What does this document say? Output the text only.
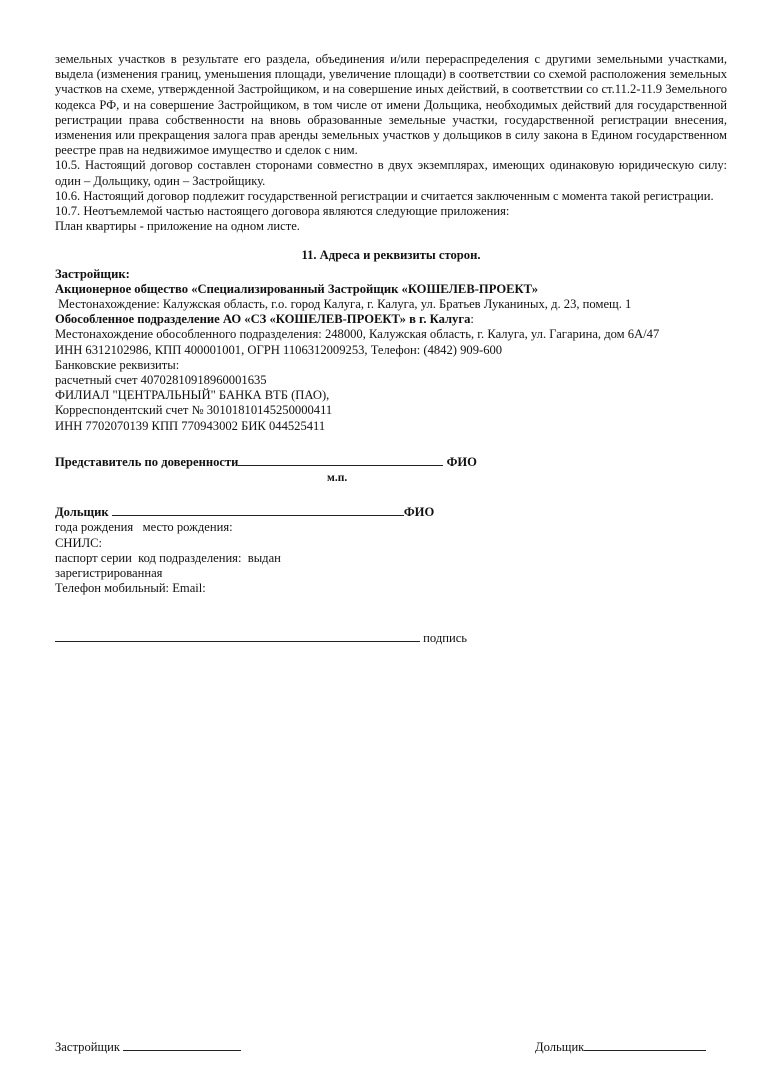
земельных участков в результате его раздела, объединения и/или перераспределения с другими земельными участками, выдела (изменения границ, уменьшения площади, увеличение площади) в соответствии со схемой расположения земельных участков на схеме, утвержденной Застройщиком, и на совершение иных действий, в соответствии со ст.11.2-11.9 Земельного кодекса РФ, и на совершение Застройщиком, в том числе от имени Дольщика, необходимых действий для государственной регистрации права собственности на вновь образованные земельные участки, государственной регистрации внесения, изменения или прекращения залога прав аренды земельных участков у дольщиков в силу закона в Едином государственном реестре прав на недвижимое имущество и сделок с ним.

10.5. Настоящий договор составлен сторонами совместно в двух экземплярах, имеющих одинаковую юридическую силу: один – Дольщику, один – Застройщику.

10.6. Настоящий договор подлежит государственной регистрации и считается заключенным с момента такой регистрации.

10.7. Неотъемлемой частью настоящего договора являются следующие приложения:

План квартиры - приложение на одном листе.

11. Адреса и реквизиты сторон.
Застройщик:
Акционерное общество «Специализированный Застройщик «КОШЕЛЕВ-ПРОЕКТ»
Местонахождение: Калужская область, г.о. город Калуга, г. Калуга, ул. Братьев Луканиных, д. 23, помещ. 1
Обособленное подразделение АО «СЗ «КОШЕЛЕВ-ПРОЕКТ» в г. Калуга:
Местонахождение обособленного подразделения: 248000, Калужская область, г. Калуга, ул. Гагарина, дом 6А/47
ИНН 6312102986, КПП 400001001, ОГРН 1106312009253, Телефон: (4842) 909-600
Банковские реквизиты:
расчетный счет 40702810918960001635
ФИЛИАЛ "ЦЕНТРАЛЬНЫЙ" БАНКА ВТБ (ПАО),
Корреспондентский счет № 30101810145250000411
ИНН 7702070139 КПП 770943002 БИК 044525411
Представитель по доверенности	ФИО
м.п.
Дольщик	ФИО
года рождения   место рождения:
СНИЛС:
паспорт серии  код подразделения:  выдан
зарегистрированная
Телефон мобильный: Email:
подпись
Застройщик	Дольщик
